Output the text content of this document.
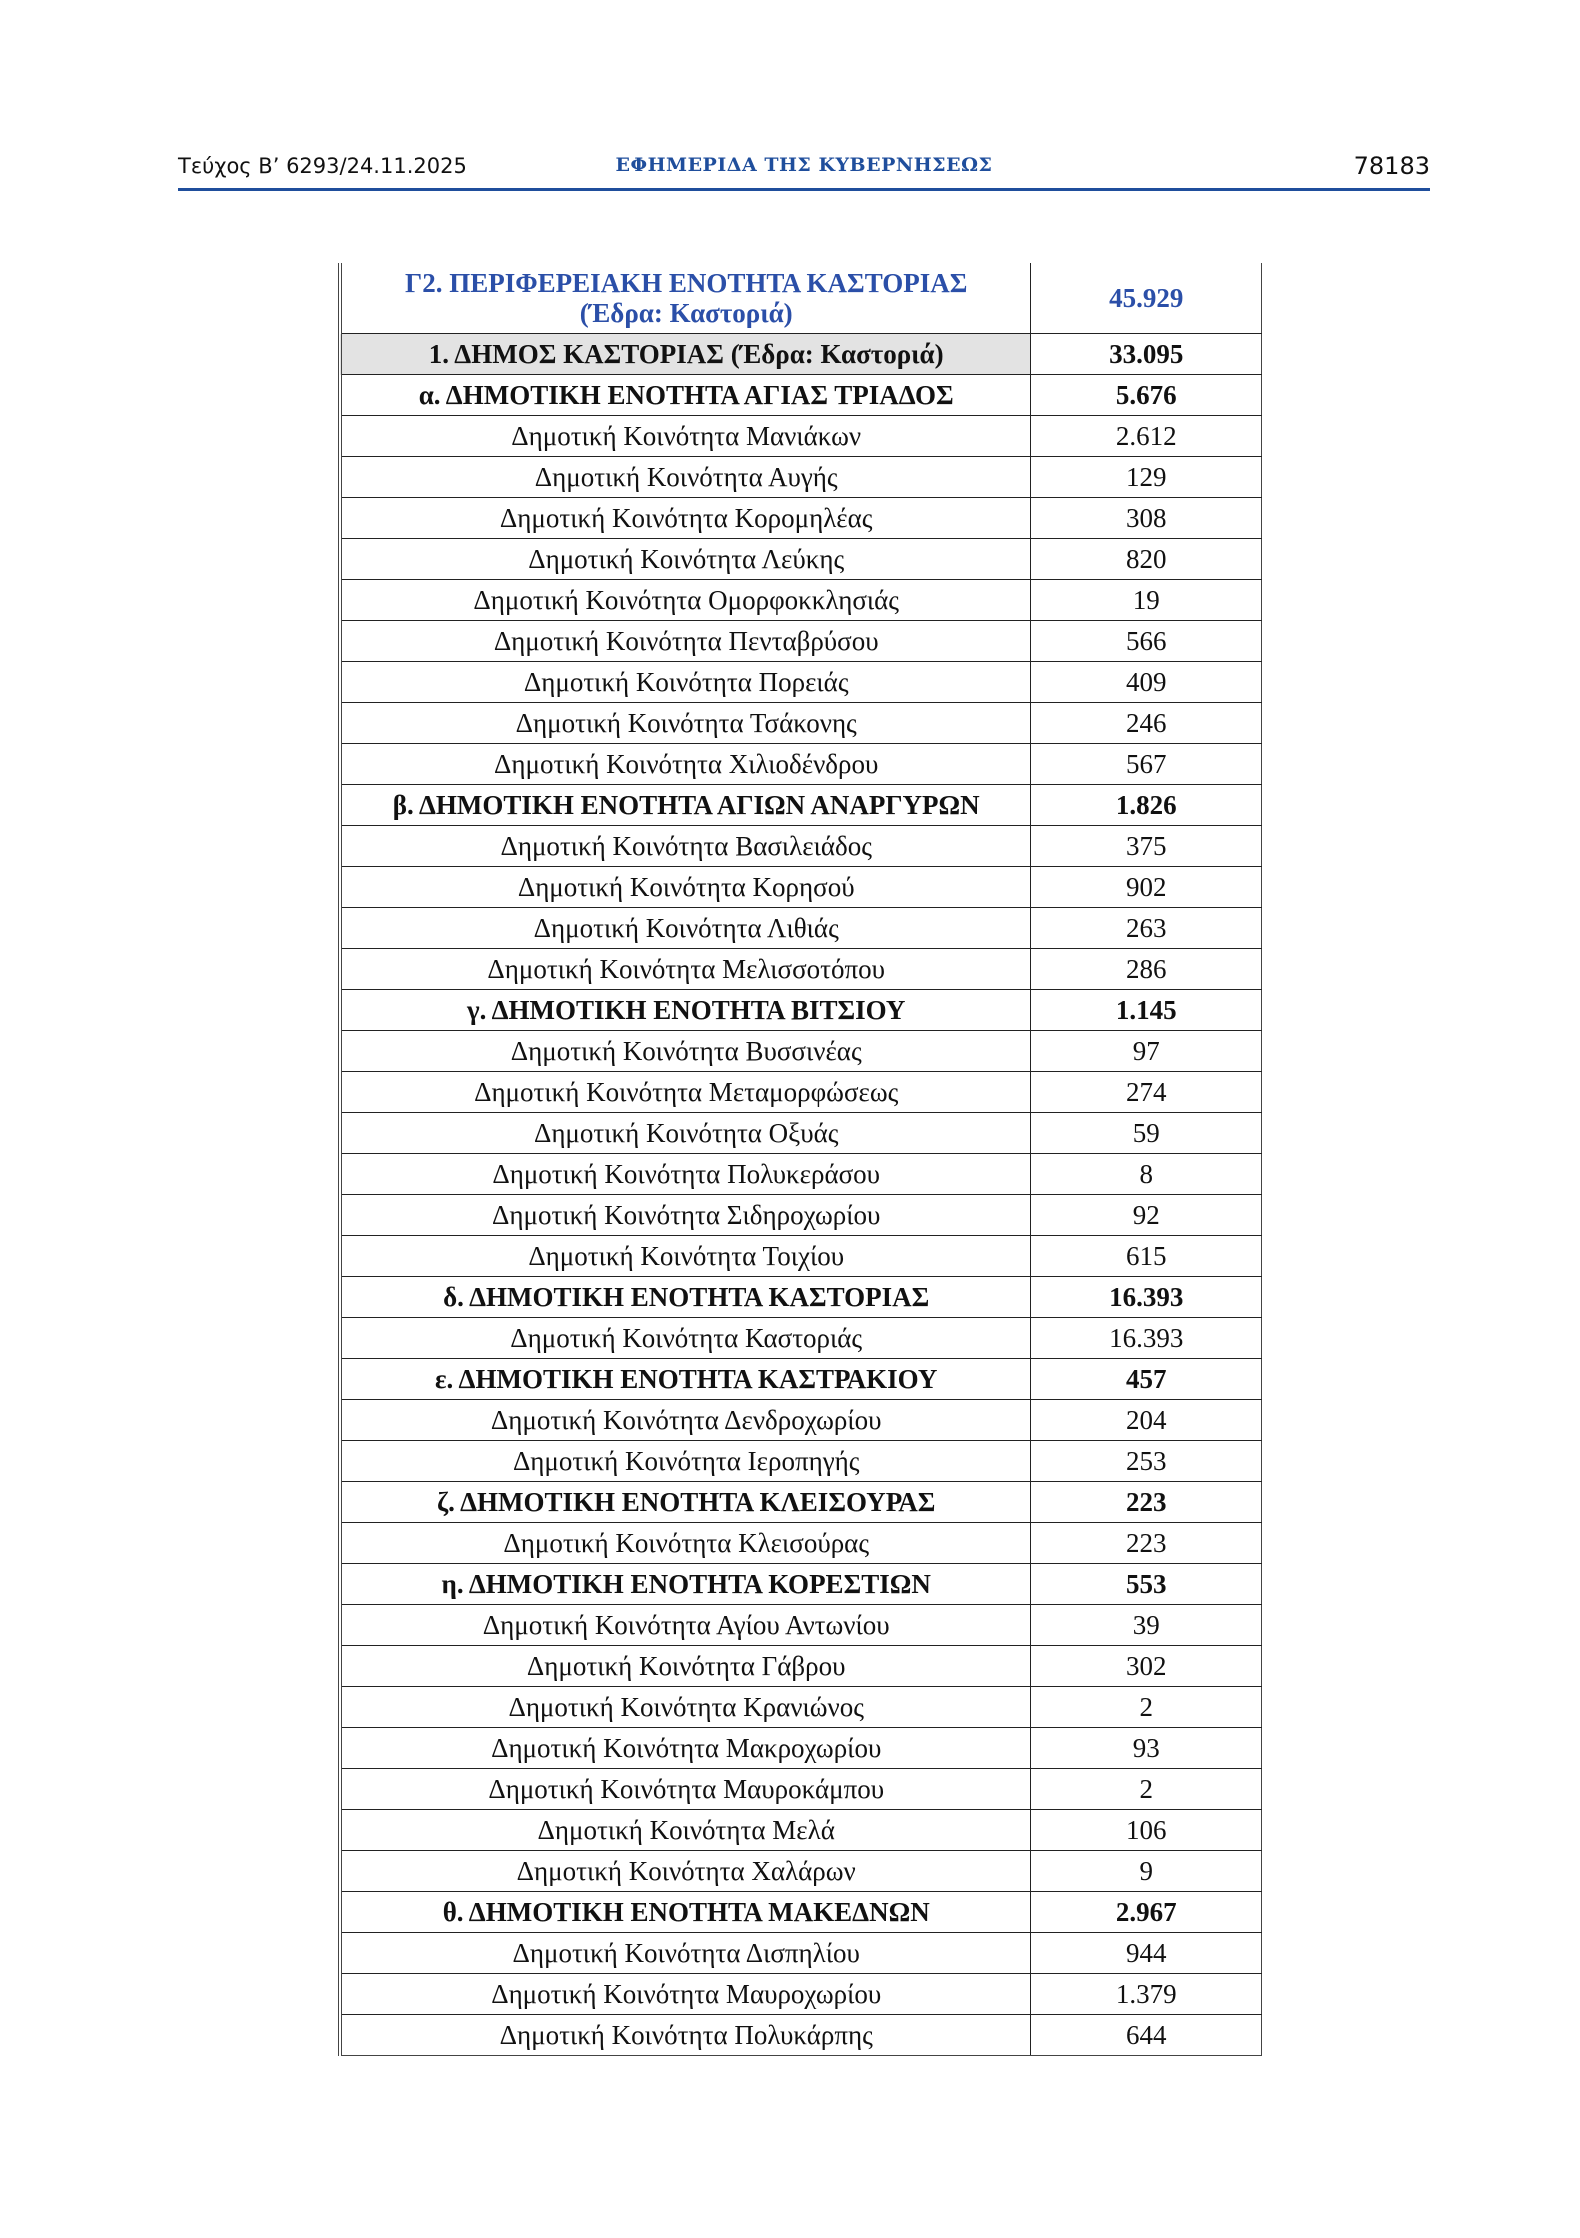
Τεύχος Β’ 6293/24.11.2025	ΕΦΗΜΕΡΙΔΑ ΤΗΣ ΚΥΒΕΡΝΗΣΕΩΣ	78183
Γ2. ΠΕΡΙΦΕΡΕΙΑΚΗ ΕΝΟΤΗΤΑ ΚΑΣΤΟΡΙΑΣ
(Έδρα: Καστοριά)	45.929
1. ΔΗΜΟΣ ΚΑΣΤΟΡΙΑΣ (Έδρα: Καστοριά)	33.095
α. ΔΗΜΟΤΙΚΗ ΕΝΟΤΗΤΑ ΑΓΙΑΣ ΤΡΙΑΔΟΣ	5.676
Δημοτική Κοινότητα Μανιάκων	2.612
Δημοτική Κοινότητα Αυγής	129
Δημοτική Κοινότητα Κορομηλέας	308
Δημοτική Κοινότητα Λεύκης	820
Δημοτική Κοινότητα Ομορφοκκλησιάς	19
Δημοτική Κοινότητα Πενταβρύσου	566
Δημοτική Κοινότητα Πορειάς	409
Δημοτική Κοινότητα Τσάκονης	246
Δημοτική Κοινότητα Χιλιοδένδρου	567
β. ΔΗΜΟΤΙΚΗ ΕΝΟΤΗΤΑ ΑΓΙΩΝ ΑΝΑΡΓΥΡΩΝ	1.826
Δημοτική Κοινότητα Βασιλειάδος	375
Δημοτική Κοινότητα Κορησού	902
Δημοτική Κοινότητα Λιθιάς	263
Δημοτική Κοινότητα Μελισσοτόπου	286
γ. ΔΗΜΟΤΙΚΗ ΕΝΟΤΗΤΑ ΒΙΤΣΙΟΥ	1.145
Δημοτική Κοινότητα Βυσσινέας	97
Δημοτική Κοινότητα Μεταμορφώσεως	274
Δημοτική Κοινότητα Οξυάς	59
Δημοτική Κοινότητα Πολυκεράσου	8
Δημοτική Κοινότητα Σιδηροχωρίου	92
Δημοτική Κοινότητα Τοιχίου	615
δ. ΔΗΜΟΤΙΚΗ ΕΝΟΤΗΤΑ ΚΑΣΤΟΡΙΑΣ	16.393
Δημοτική Κοινότητα Καστοριάς	16.393
ε. ΔΗΜΟΤΙΚΗ ΕΝΟΤΗΤΑ ΚΑΣΤΡΑΚΙΟΥ	457
Δημοτική Κοινότητα Δενδροχωρίου	204
Δημοτική Κοινότητα Ιεροπηγής	253
ζ. ΔΗΜΟΤΙΚΗ ΕΝΟΤΗΤΑ ΚΛΕΙΣΟΥΡΑΣ	223
Δημοτική Κοινότητα Κλεισούρας	223
η. ΔΗΜΟΤΙΚΗ ΕΝΟΤΗΤΑ ΚΟΡΕΣΤΙΩΝ	553
Δημοτική Κοινότητα Αγίου Αντωνίου	39
Δημοτική Κοινότητα Γάβρου	302
Δημοτική Κοινότητα Κρανιώνος	2
Δημοτική Κοινότητα Μακροχωρίου	93
Δημοτική Κοινότητα Μαυροκάμπου	2
Δημοτική Κοινότητα Μελά	106
Δημοτική Κοινότητα Χαλάρων	9
θ. ΔΗΜΟΤΙΚΗ ΕΝΟΤΗΤΑ ΜΑΚΕΔΝΩΝ	2.967
Δημοτική Κοινότητα Δισπηλίου	944
Δημοτική Κοινότητα Μαυροχωρίου	1.379
Δημοτική Κοινότητα Πολυκάρπης	644
